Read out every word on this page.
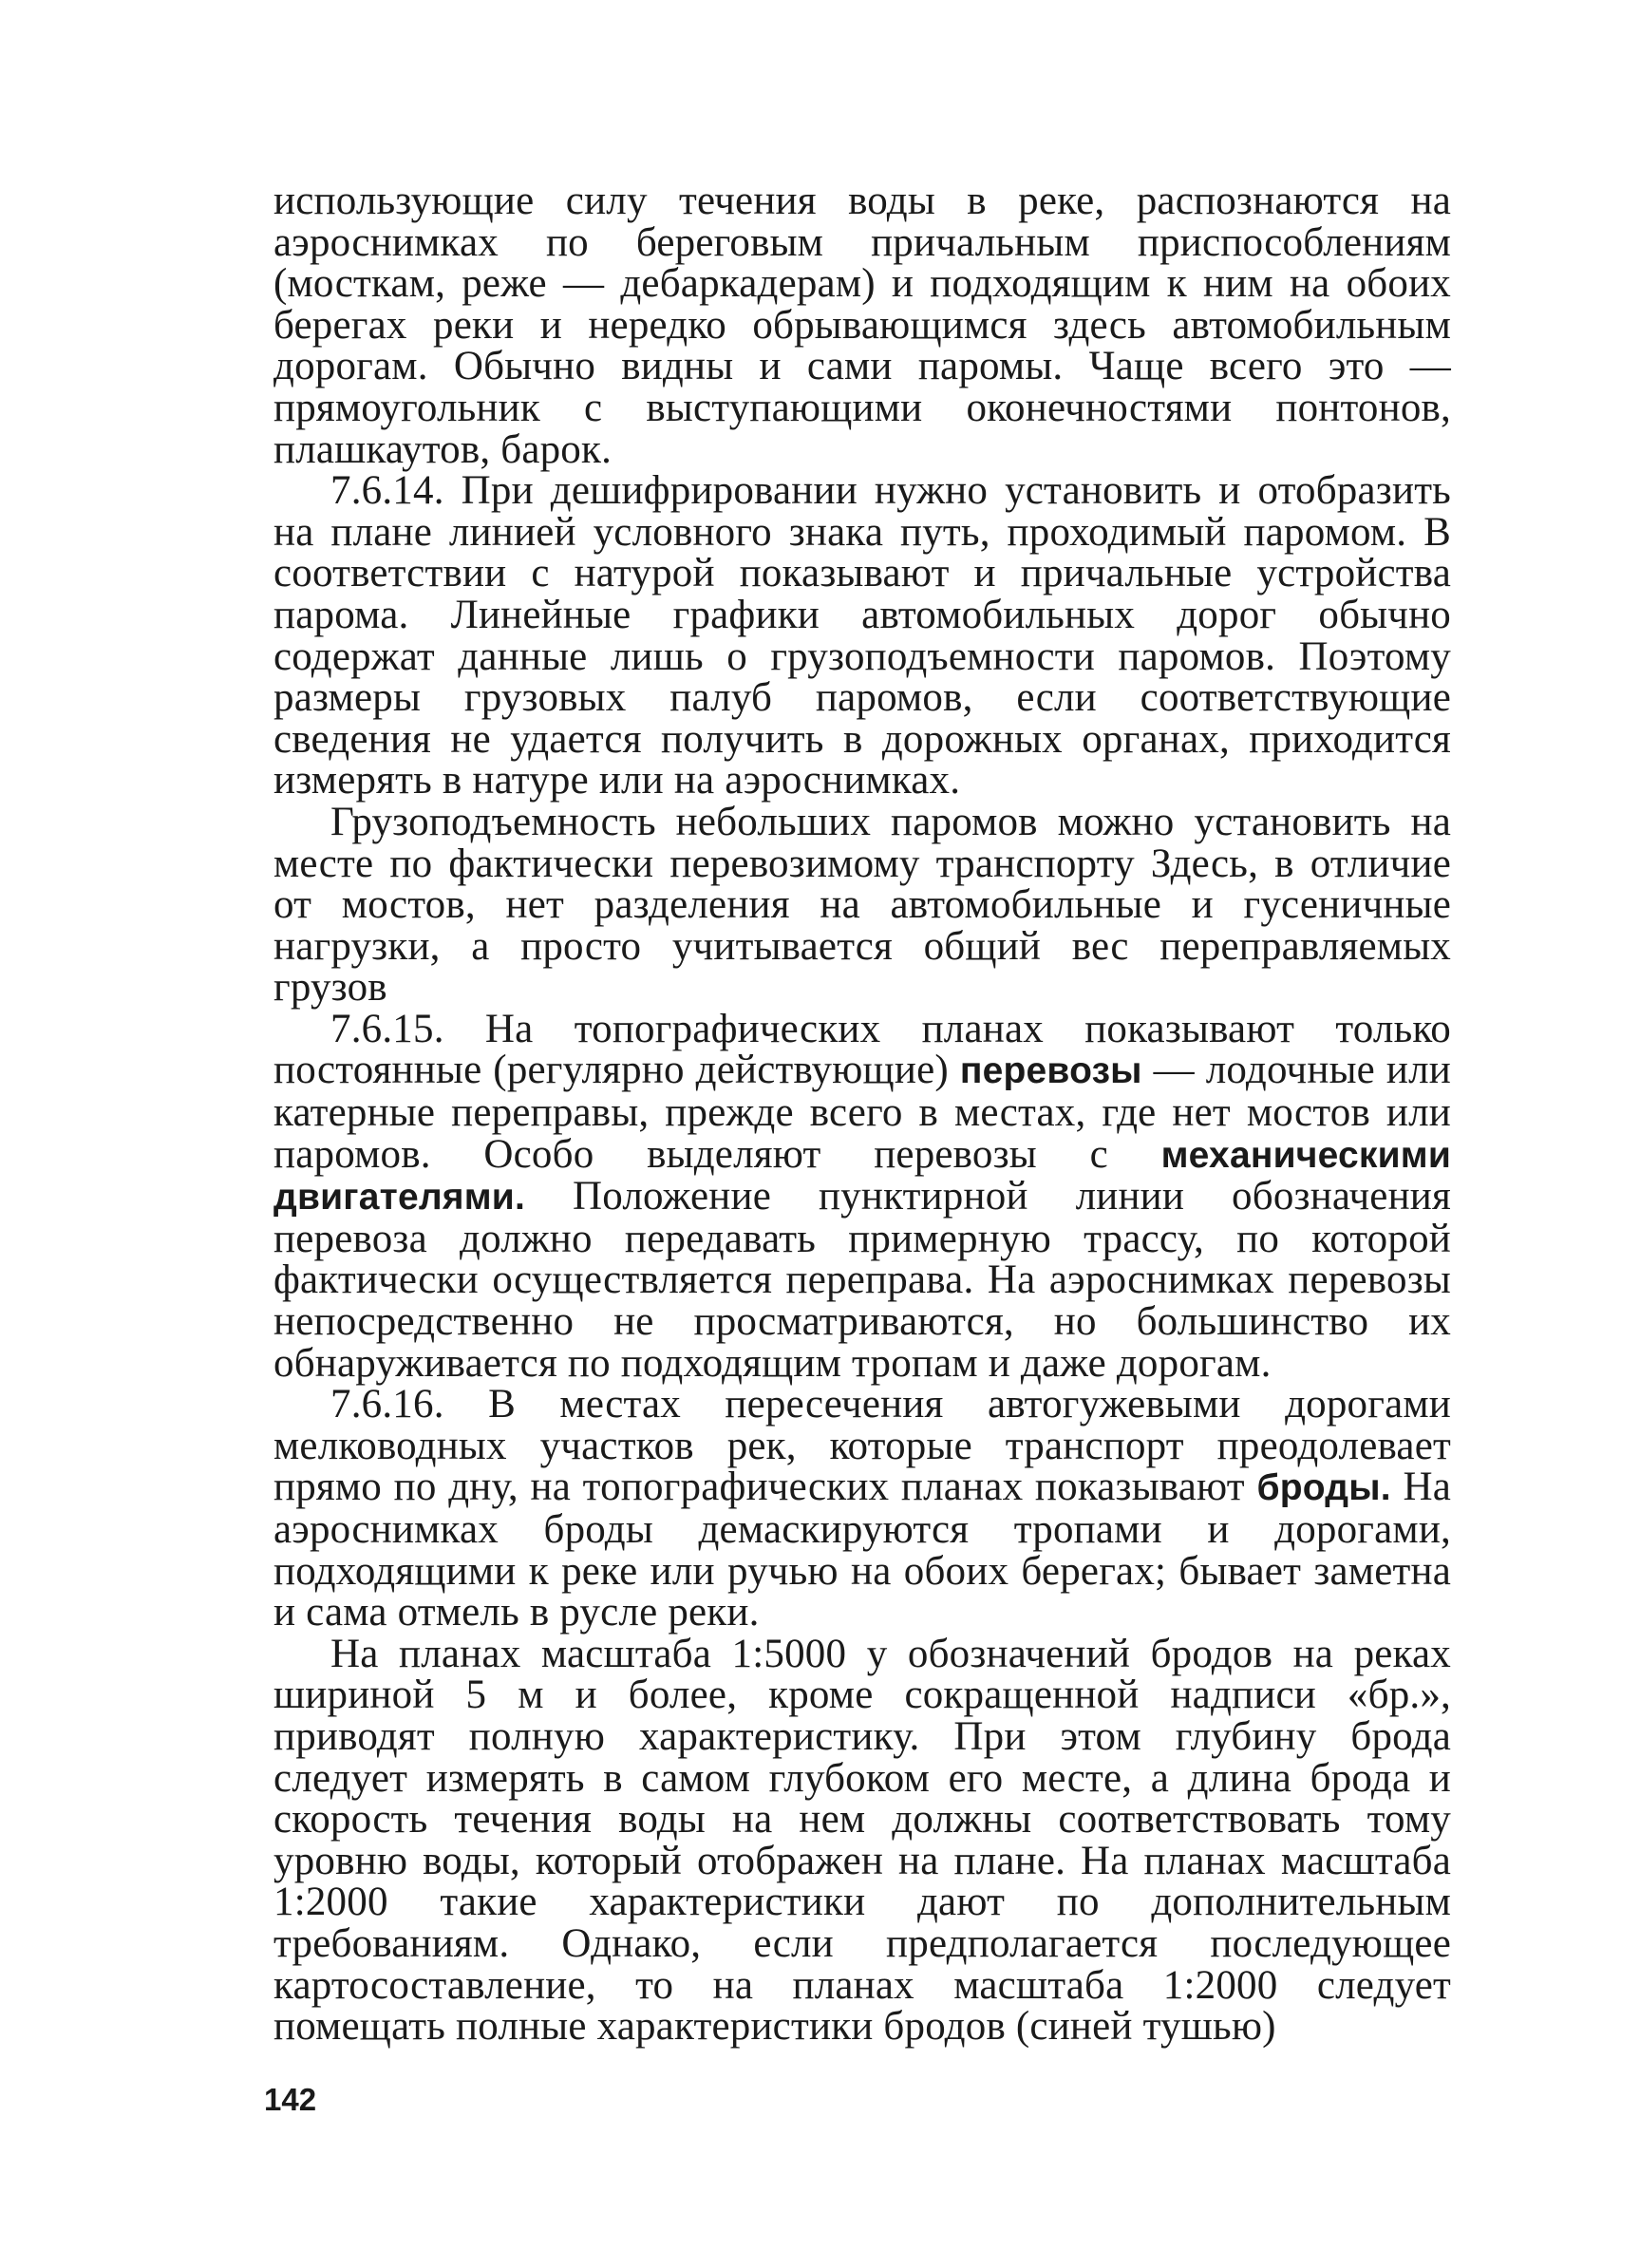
использующие силу течения воды в реке, распознаются на аэроснимках по береговым причальным приспособлениям (мосткам, реже — дебаркадерам) и подходящим к ним на обоих берегах реки и нередко обрывающимся здесь автомобильным дорогам. Обычно видны и сами паромы. Чаще всего это — прямоугольник с выступающими оконечностями понтонов, плашкаутов, барок.

7.6.14. При дешифрировании нужно установить и отобразить на плане линией условного знака путь, проходимый паромом. В соответствии с натурой показывают и причальные устройства парома. Линейные графики автомобильных дорог обычно содержат данные лишь о грузоподъемности паромов. Поэтому размеры грузовых палуб паромов, если соответствующие сведения не удается получить в дорожных органах, приходится измерять в натуре или на аэроснимках.

Грузоподъемность небольших паромов можно установить на месте по фактически перевозимому транспорту Здесь, в отличие от мостов, нет разделения на автомобильные и гусеничные нагрузки, а просто учитывается общий вес переправляемых грузов

7.6.15. На топографических планах показывают только постоянные (регулярно действующие) перевозы — лодочные или катерные переправы, прежде всего в местах, где нет мостов или паромов. Особо выделяют перевозы с механическими двигателями. Положение пунктирной линии обозначения перевоза должно передавать примерную трассу, по которой фактически осуществляется переправа. На аэроснимках перевозы непосредственно не просматриваются, но большинство их обнаруживается по подходящим тропам и даже дорогам.

7.6.16. В местах пересечения автогужевыми дорогами мелководных участков рек, которые транспорт преодолевает прямо по дну, на топографических планах показывают броды. На аэроснимках броды демаскируются тропами и дорогами, подходящими к реке или ручью на обоих берегах; бывает заметна и сама отмель в русле реки.

На планах масштаба 1:5000 у обозначений бродов на реках шириной 5 м и более, кроме сокращенной надписи «бр.», приводят полную характеристику. При этом глубину брода следует измерять в самом глубоком его месте, а длина брода и скорость течения воды на нем должны соответствовать тому уровню воды, который отображен на плане. На планах масштаба 1:2000 такие характеристики дают по дополнительным требованиям. Однако, если предполагается последующее картосоставление, то на планах масштаба 1:2000 следует помещать полные характеристики бродов (синей тушью)

142
